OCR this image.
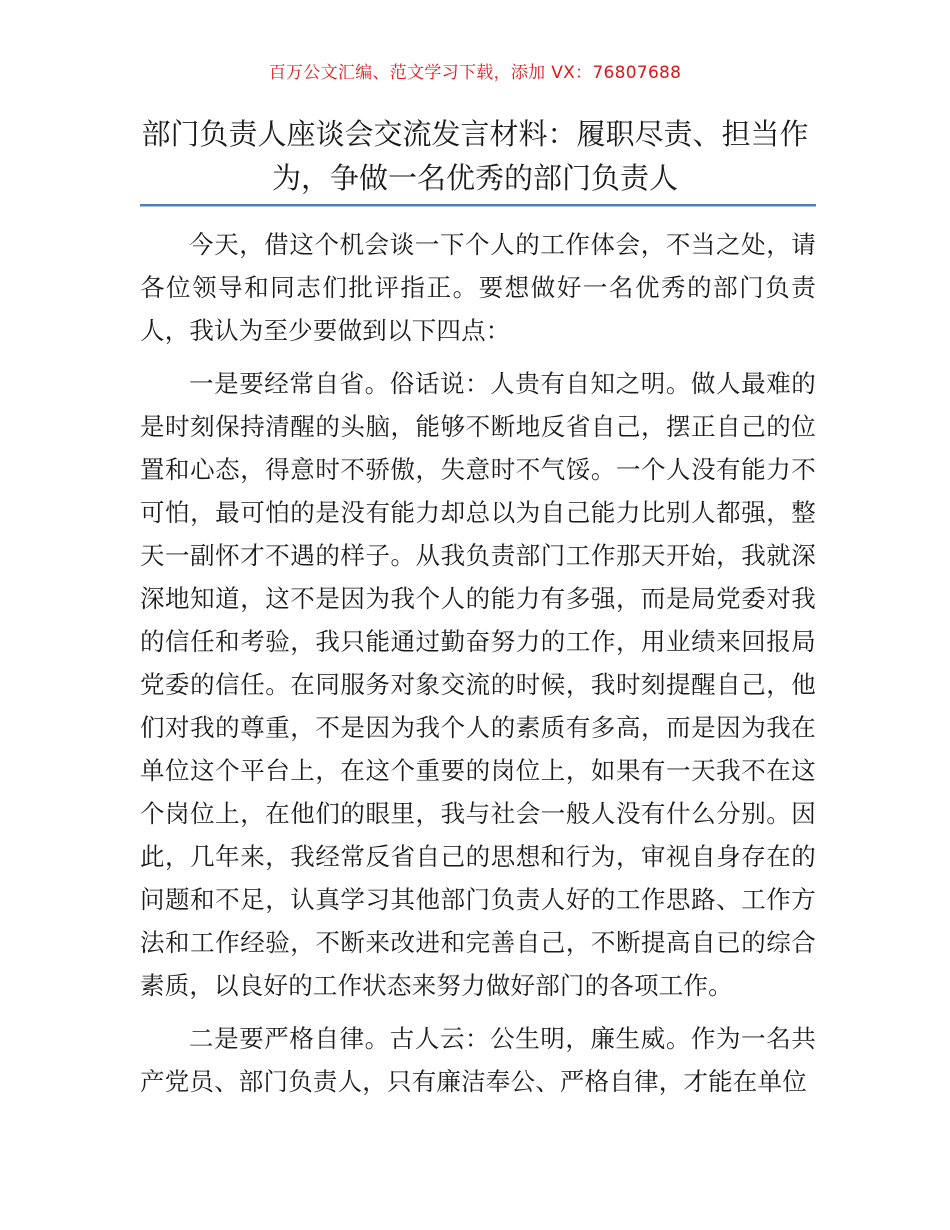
百万公文汇编、范文学习下载，添加 VX：76807688
部门负责人座谈会交流发言材料：履职尽责、担当作为，争做一名优秀的部门负责人

今天，借这个机会谈一下个人的工作体会，不当之处，请各位领导和同志们批评指正。要想做好一名优秀的部门负责人，我认为至少要做到以下四点：

一是要经常自省。俗话说：人贵有自知之明。做人最难的是时刻保持清醒的头脑，能够不断地反省自己，摆正自己的位置和心态，得意时不骄傲，失意时不气馁。一个人没有能力不可怕，最可怕的是没有能力却总以为自己能力比别人都强，整天一副怀才不遇的样子。从我负责部门工作那天开始，我就深深地知道，这不是因为我个人的能力有多强，而是局党委对我的信任和考验，我只能通过勤奋努力的工作，用业绩来回报局党委的信任。在同服务对象交流的时候，我时刻提醒自己，他们对我的尊重，不是因为我个人的素质有多高，而是因为我在单位这个平台上，在这个重要的岗位上，如果有一天我不在这个岗位上，在他们的眼里，我与社会一般人没有什么分别。因此，几年来，我经常反省自己的思想和行为，审视自身存在的问题和不足，认真学习其他部门负责人好的工作思路、工作方法和工作经验，不断来改进和完善自己，不断提高自已的综合素质，以良好的工作状态来努力做好部门的各项工作。

二是要严格自律。古人云：公生明，廉生威。作为一名共产党员、部门负责人，只有廉洁奉公、严格自律，才能在单位
